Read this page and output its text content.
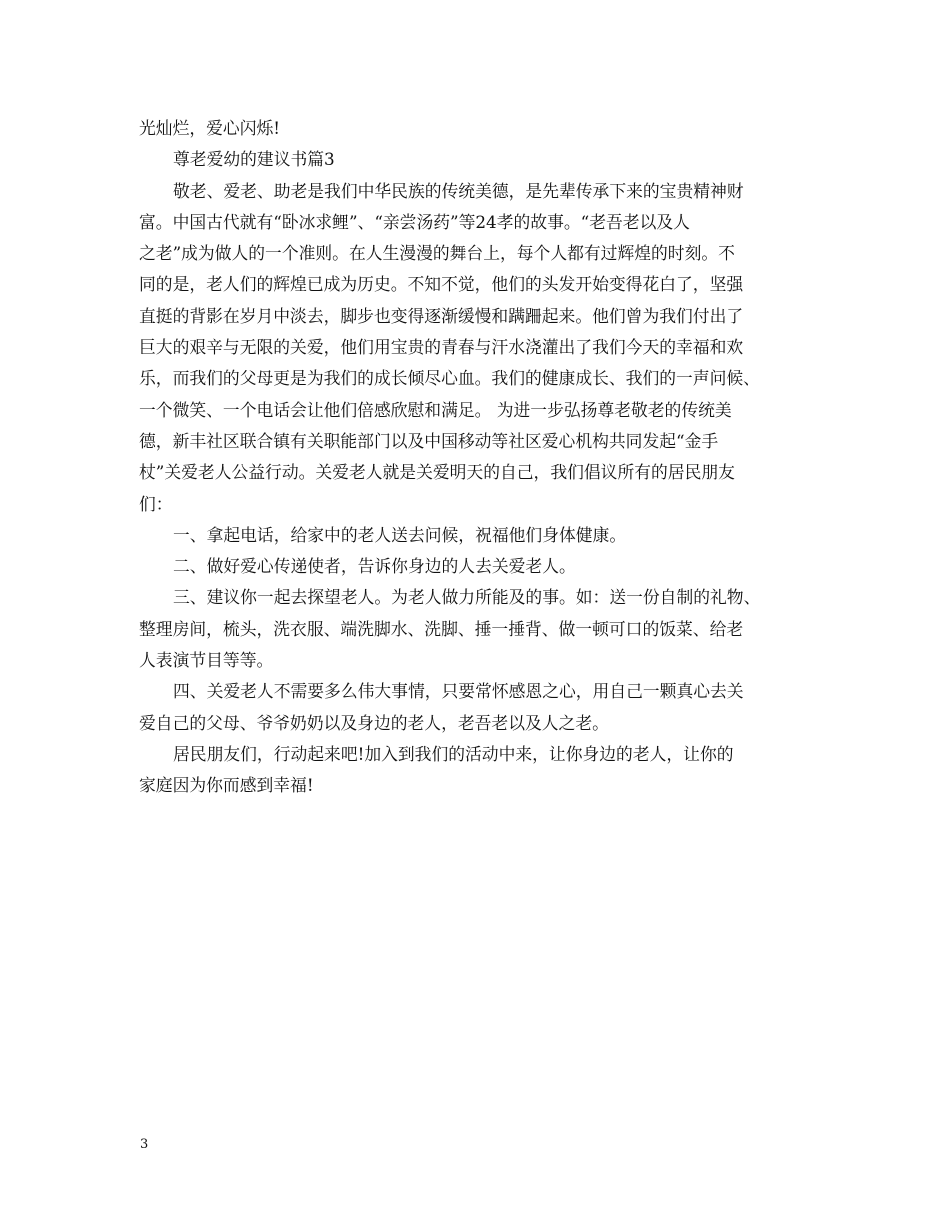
光灿烂，爱心闪烁!
尊老爱幼的建议书篇3
敬老、爱老、助老是我们中华民族的传统美德，是先辈传承下来的宝贵精神财
富。中国古代就有“卧冰求鲤”、“亲尝汤药”等24孝的故事。“老吾老以及人
之老”成为做人的一个准则。在人生漫漫的舞台上，每个人都有过辉煌的时刻。不
同的是，老人们的辉煌已成为历史。不知不觉，他们的头发开始变得花白了，坚强
直挺的背影在岁月中淡去，脚步也变得逐渐缓慢和蹒跚起来。他们曾为我们付出了
巨大的艰辛与无限的关爱，他们用宝贵的青春与汗水浇灌出了我们今天的幸福和欢
乐，而我们的父母更是为我们的成长倾尽心血。我们的健康成长、我们的一声问候、
一个微笑、一个电话会让他们倍感欣慰和满足。 为进一步弘扬尊老敬老的传统美
德，新丰社区联合镇有关职能部门以及中国移动等社区爱心机构共同发起“金手
杖”关爱老人公益行动。关爱老人就是关爱明天的自己，我们倡议所有的居民朋友
们：
一、拿起电话，给家中的老人送去问候，祝福他们身体健康。
二、做好爱心传递使者，告诉你身边的人去关爱老人。
三、建议你一起去探望老人。为老人做力所能及的事。如：送一份自制的礼物、
整理房间，梳头，洗衣服、端洗脚水、洗脚、捶一捶背、做一顿可口的饭菜、给老
人表演节目等等。
四、关爱老人不需要多么伟大事情，只要常怀感恩之心，用自己一颗真心去关
爱自己的父母、爷爷奶奶以及身边的老人，老吾老以及人之老。
居民朋友们，行动起来吧!加入到我们的活动中来，让你身边的老人，让你的
家庭因为你而感到幸福!
3
